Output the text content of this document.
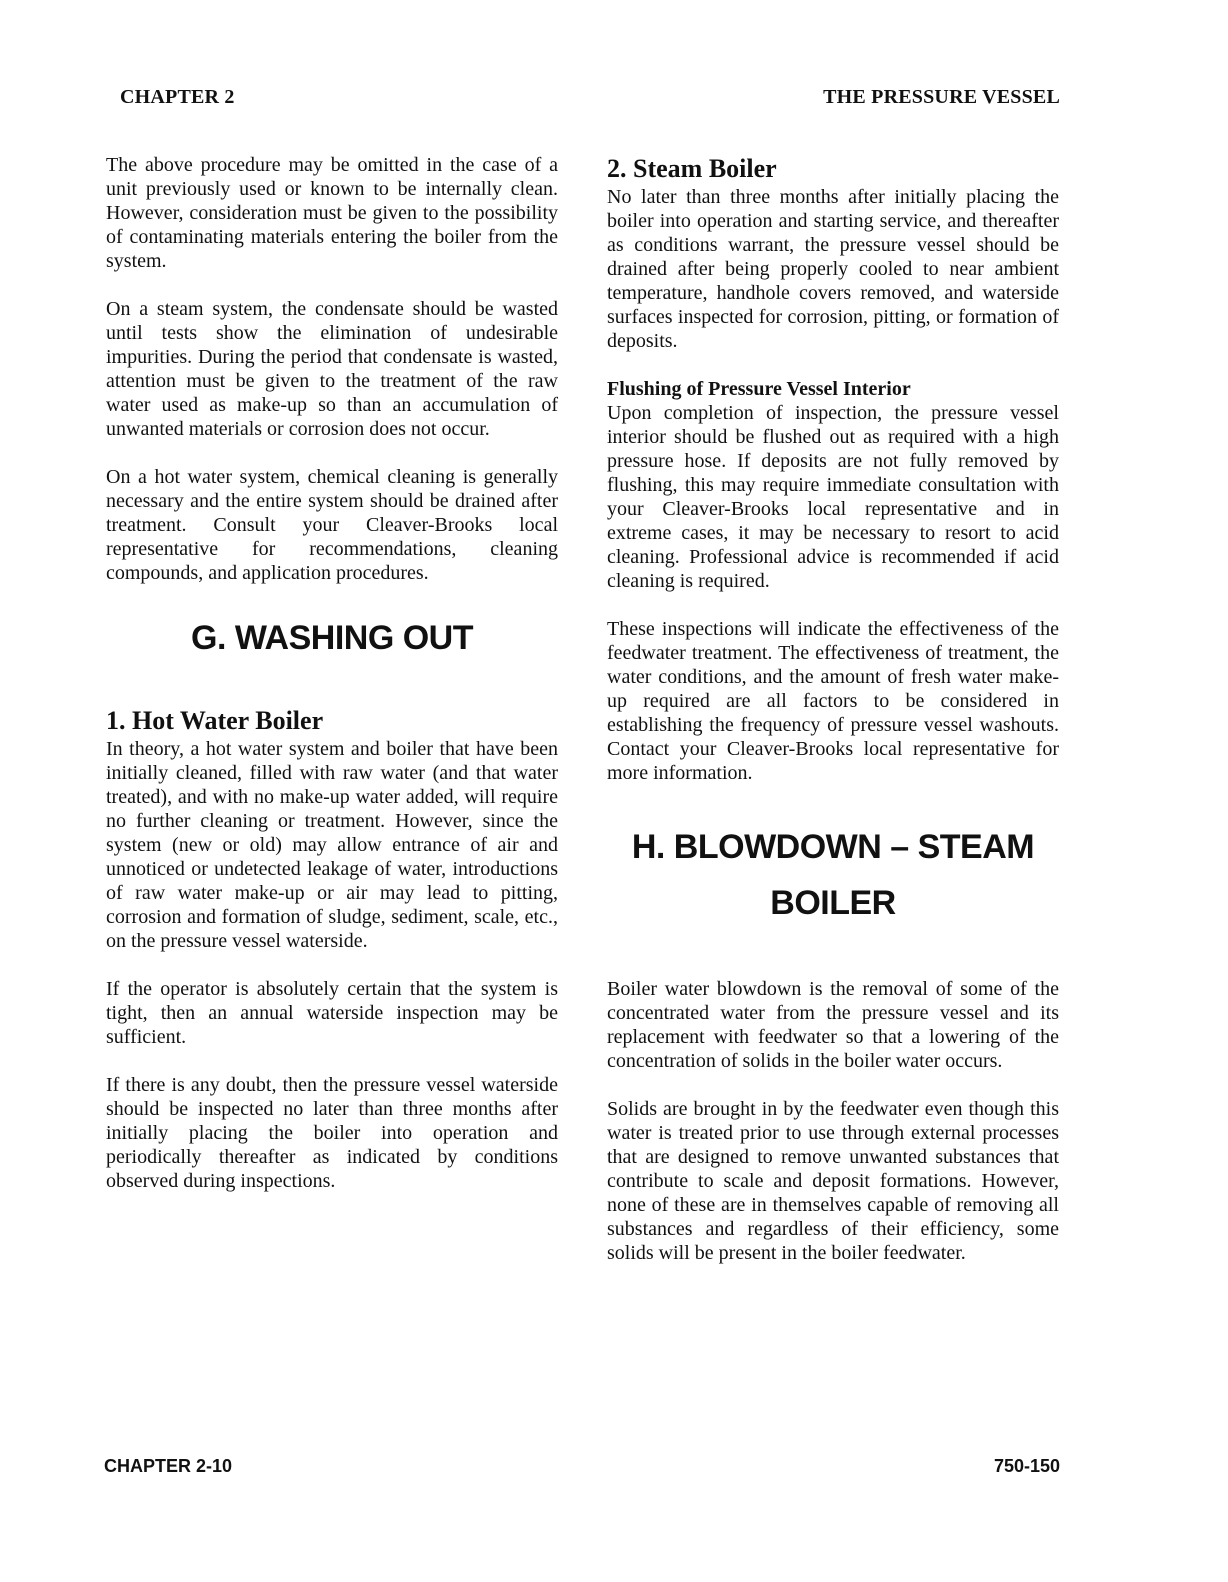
CHAPTER 2	THE PRESSURE VESSEL

The above procedure may be omitted in the case of a unit previously used or known to be internally clean. However, consideration must be given to the possibility of contaminating materials entering the boiler from the system.

On a steam system, the condensate should be wasted until tests show the elimination of undesirable impurities. During the period that condensate is wasted, attention must be given to the treatment of the raw water used as make-up so than an accumulation of unwanted materials or corrosion does not occur.

On a hot water system, chemical cleaning is generally necessary and the entire system should be drained after treatment. Consult your Cleaver-Brooks local representative for recommendations, cleaning compounds, and application procedures.

G. WASHING OUT
1. Hot Water Boiler

In theory, a hot water system and boiler that have been initially cleaned, filled with raw water (and that water treated), and with no make-up water added, will require no further cleaning or treatment. However, since the system (new or old) may allow entrance of air and unnoticed or undetected leakage of water, introductions of raw water make-up or air may lead to pitting, corrosion and formation of sludge, sediment, scale, etc., on the pressure vessel waterside.

If the operator is absolutely certain that the system is tight, then an annual waterside inspection may be sufficient.

If there is any doubt, then the pressure vessel waterside should be inspected no later than three months after initially placing the boiler into operation and periodically thereafter as indicated by conditions observed during inspections.

2. Steam Boiler

No later than three months after initially placing the boiler into operation and starting service, and thereafter as conditions warrant, the pressure vessel should be drained after being properly cooled to near ambient temperature, handhole covers removed, and waterside surfaces inspected for corrosion, pitting, or formation of deposits.

Flushing of Pressure Vessel Interior

Upon completion of inspection, the pressure vessel interior should be flushed out as required with a high pressure hose. If deposits are not fully removed by flushing, this may require immediate consultation with your Cleaver-Brooks local representative and in extreme cases, it may be necessary to resort to acid cleaning. Professional advice is recommended if acid cleaning is required.

These inspections will indicate the effectiveness of the feedwater treatment. The effectiveness of treatment, the water conditions, and the amount of fresh water make-up required are all factors to be considered in establishing the frequency of pressure vessel washouts. Contact your Cleaver-Brooks local representative for more information.

H. BLOWDOWN – STEAM BOILER

Boiler water blowdown is the removal of some of the concentrated water from the pressure vessel and its replacement with feedwater so that a lowering of the concentration of solids in the boiler water occurs.

Solids are brought in by the feedwater even though this water is treated prior to use through external processes that are designed to remove unwanted substances that contribute to scale and deposit formations. However, none of these are in themselves capable of removing all substances and regardless of their efficiency, some solids will be present in the boiler feedwater.

CHAPTER 2-10	750-150
